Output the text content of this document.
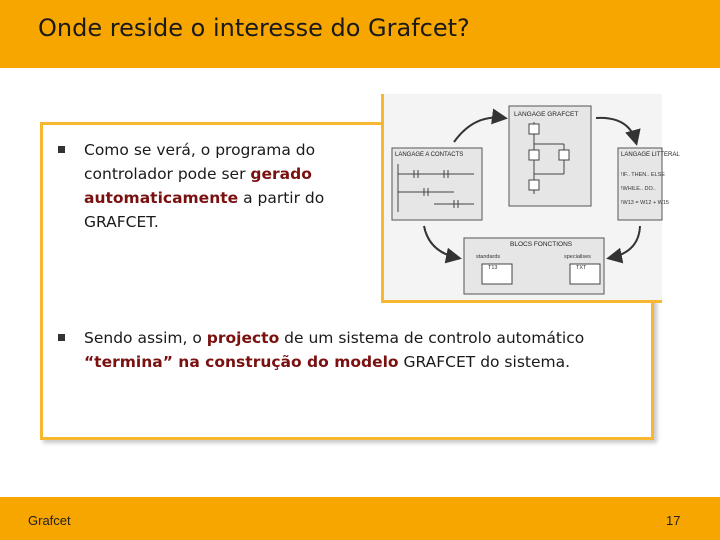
Onde reside o interesse do Grafcet?
Como se verá, o programa do controlador pode ser gerado automaticamente a partir do GRAFCET.
Sendo assim, o projecto de um sistema de controlo automático “termina” na construção do modelo GRAFCET do sistema.
LANGAGE GRAFCET
LANGAGE A CONTACTS	LANGAGE LITTERAL
!IF.. THEN.. ELSE
!WHILE.. DO..
!W13 = W12 + W15
BLOCS FONCTIONS
standards	specialises
T13	TXT
Grafcet	17
